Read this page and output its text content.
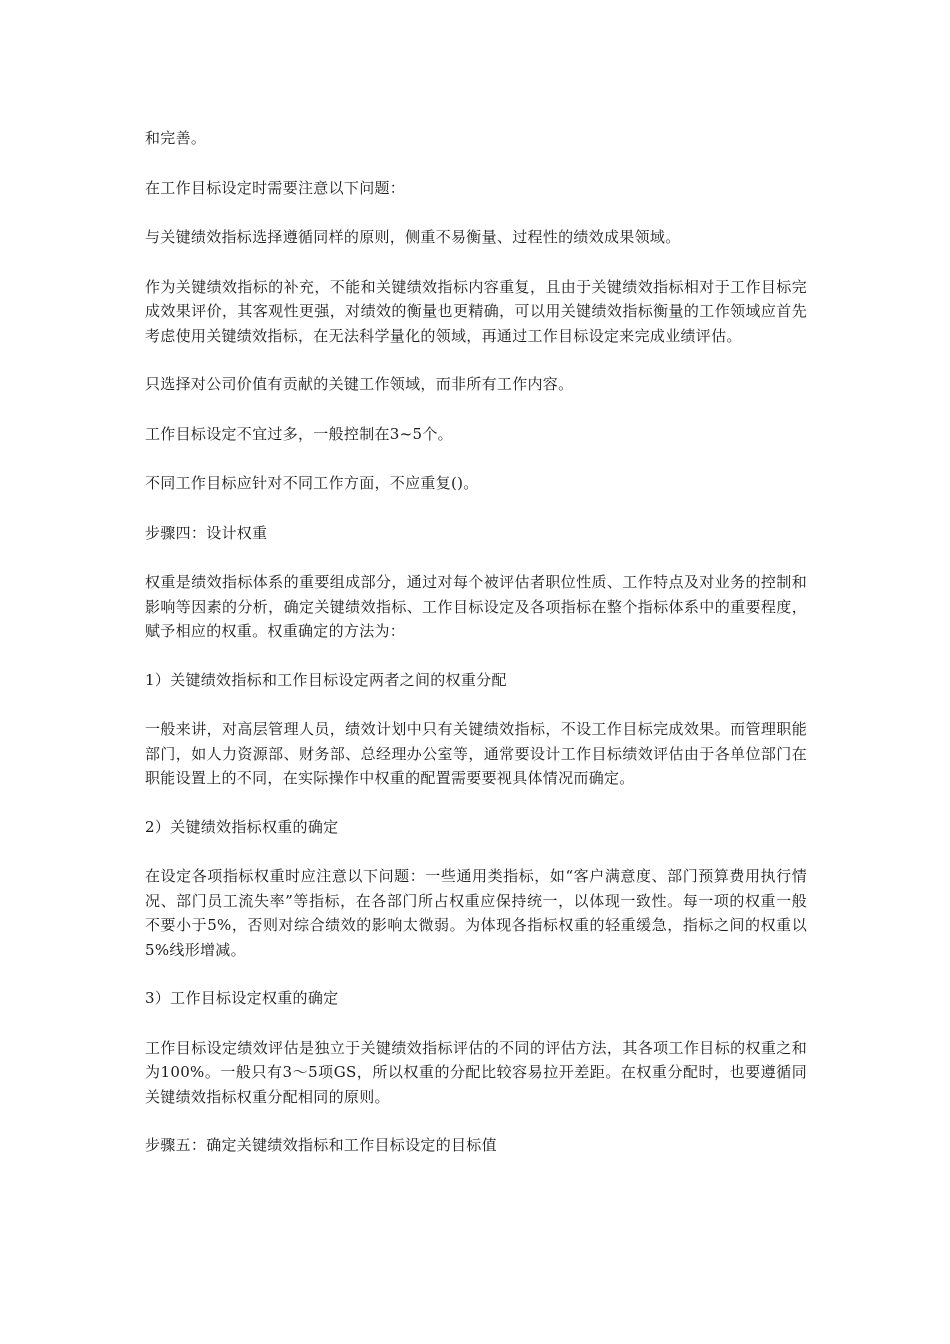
和完善。

在工作目标设定时需要注意以下问题：

与关键绩效指标选择遵循同样的原则，侧重不易衡量、过程性的绩效成果领域。

作为关键绩效指标的补充，不能和关键绩效指标内容重复，且由于关键绩效指标相对于工作目标完成效果评价，其客观性更强，对绩效的衡量也更精确，可以用关键绩效指标衡量的工作领域应首先考虑使用关键绩效指标，在无法科学量化的领域，再通过工作目标设定来完成业绩评估。

只选择对公司价值有贡献的关键工作领域，而非所有工作内容。

工作目标设定不宜过多，一般控制在3~5个。

不同工作目标应针对不同工作方面，不应重复()。

步骤四：设计权重

权重是绩效指标体系的重要组成部分，通过对每个被评估者职位性质、工作特点及对业务的控制和影响等因素的分析，确定关键绩效指标、工作目标设定及各项指标在整个指标体系中的重要程度，赋予相应的权重。权重确定的方法为：

1）关键绩效指标和工作目标设定两者之间的权重分配

一般来讲，对高层管理人员，绩效计划中只有关键绩效指标，不设工作目标完成效果。而管理职能部门，如人力资源部、财务部、总经理办公室等，通常要设计工作目标绩效评估由于各单位部门在职能设置上的不同，在实际操作中权重的配置需要要视具体情况而确定。

2）关键绩效指标权重的确定

在设定各项指标权重时应注意以下问题：一些通用类指标，如“客户满意度、部门预算费用执行情况、部门员工流失率”等指标，在各部门所占权重应保持统一，以体现一致性。每一项的权重一般不要小于5%，否则对综合绩效的影响太微弱。为体现各指标权重的轻重缓急，指标之间的权重以5%线形增减。

3）工作目标设定权重的确定

工作目标设定绩效评估是独立于关键绩效指标评估的不同的评估方法，其各项工作目标的权重之和为100%。一般只有3～5项GS，所以权重的分配比较容易拉开差距。在权重分配时，也要遵循同关键绩效指标权重分配相同的原则。

步骤五：确定关键绩效指标和工作目标设定的目标值
